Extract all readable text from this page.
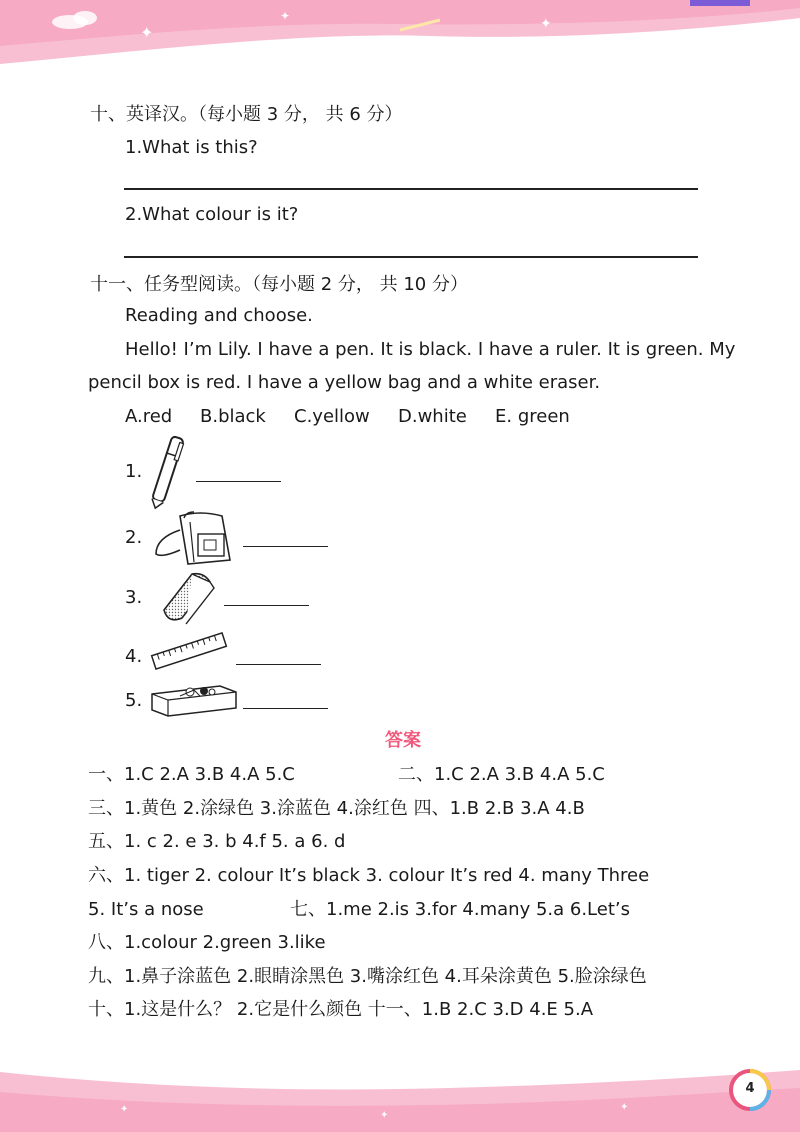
✦
✦	✦
十、英译汉。（每小题 3 分， 共 6 分）
1.What is this?
2.What colour is it?
十一、任务型阅读。（每小题 2 分， 共 10 分）
Reading and choose.
Hello! I’m Lily. I have a pen. It is black. I have a ruler. It is green. My
pencil box is red. I have a yellow bag and a white eraser.
A.red B.black C.yellow D.white E. green
1.
2.
3.
4.
5.
答案
一、1.C 2.A 3.B 4.A 5.C	二、1.C 2.A 3.B 4.A 5.C
三、1.黄色 2.涂绿色 3.涂蓝色 4.涂红色 四、1.B 2.B 3.A 4.B
五、1. c 2. e 3. b 4.f 5. a 6. d
六、1. tiger 2. colour It’s black 3. colour It’s red 4. many Three
5. It’s a nose	七、1.me 2.is 3.for 4.many 5.a 6.Let’s
八、1.colour 2.green 3.like
九、1.鼻子涂蓝色 2.眼睛涂黑色 3.嘴涂红色 4.耳朵涂黄色 5.脸涂绿色
十、1.这是什么？ 2.它是什么颜色 十一、1.B 2.C 3.D 4.E 5.A
✦
✦
✦
4
